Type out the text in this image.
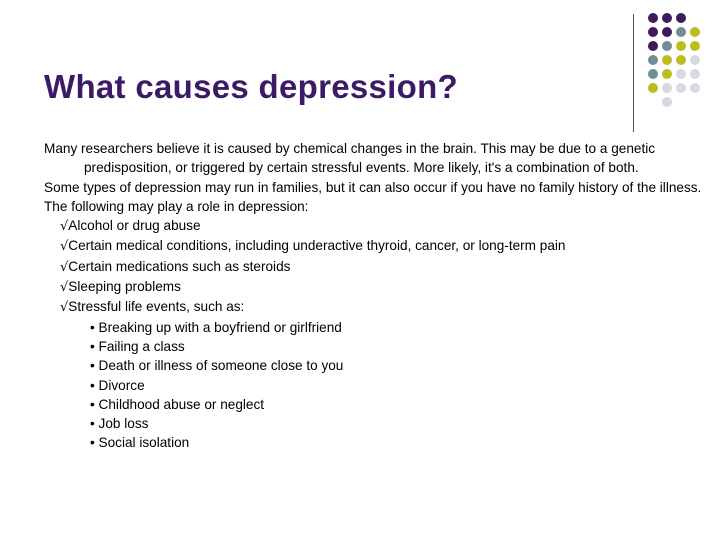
What causes depression?

Many researchers believe it is caused by chemical changes in the brain. This may be due to a genetic predisposition, or triggered by certain stressful events. More likely, it's a combination of both.

Some types of depression may run in families, but it can also occur if you have no family history of the illness.

The following may play a role in depression:

√Alcohol or drug abuse

√Certain medical conditions, including underactive thyroid, cancer, or long-term pain

√Certain medications such as steroids

√Sleeping problems

√Stressful life events, such as:

• Breaking up with a boyfriend or girlfriend

• Failing a class

• Death or illness of someone close to you

• Divorce

• Childhood abuse or neglect

• Job loss

• Social isolation
